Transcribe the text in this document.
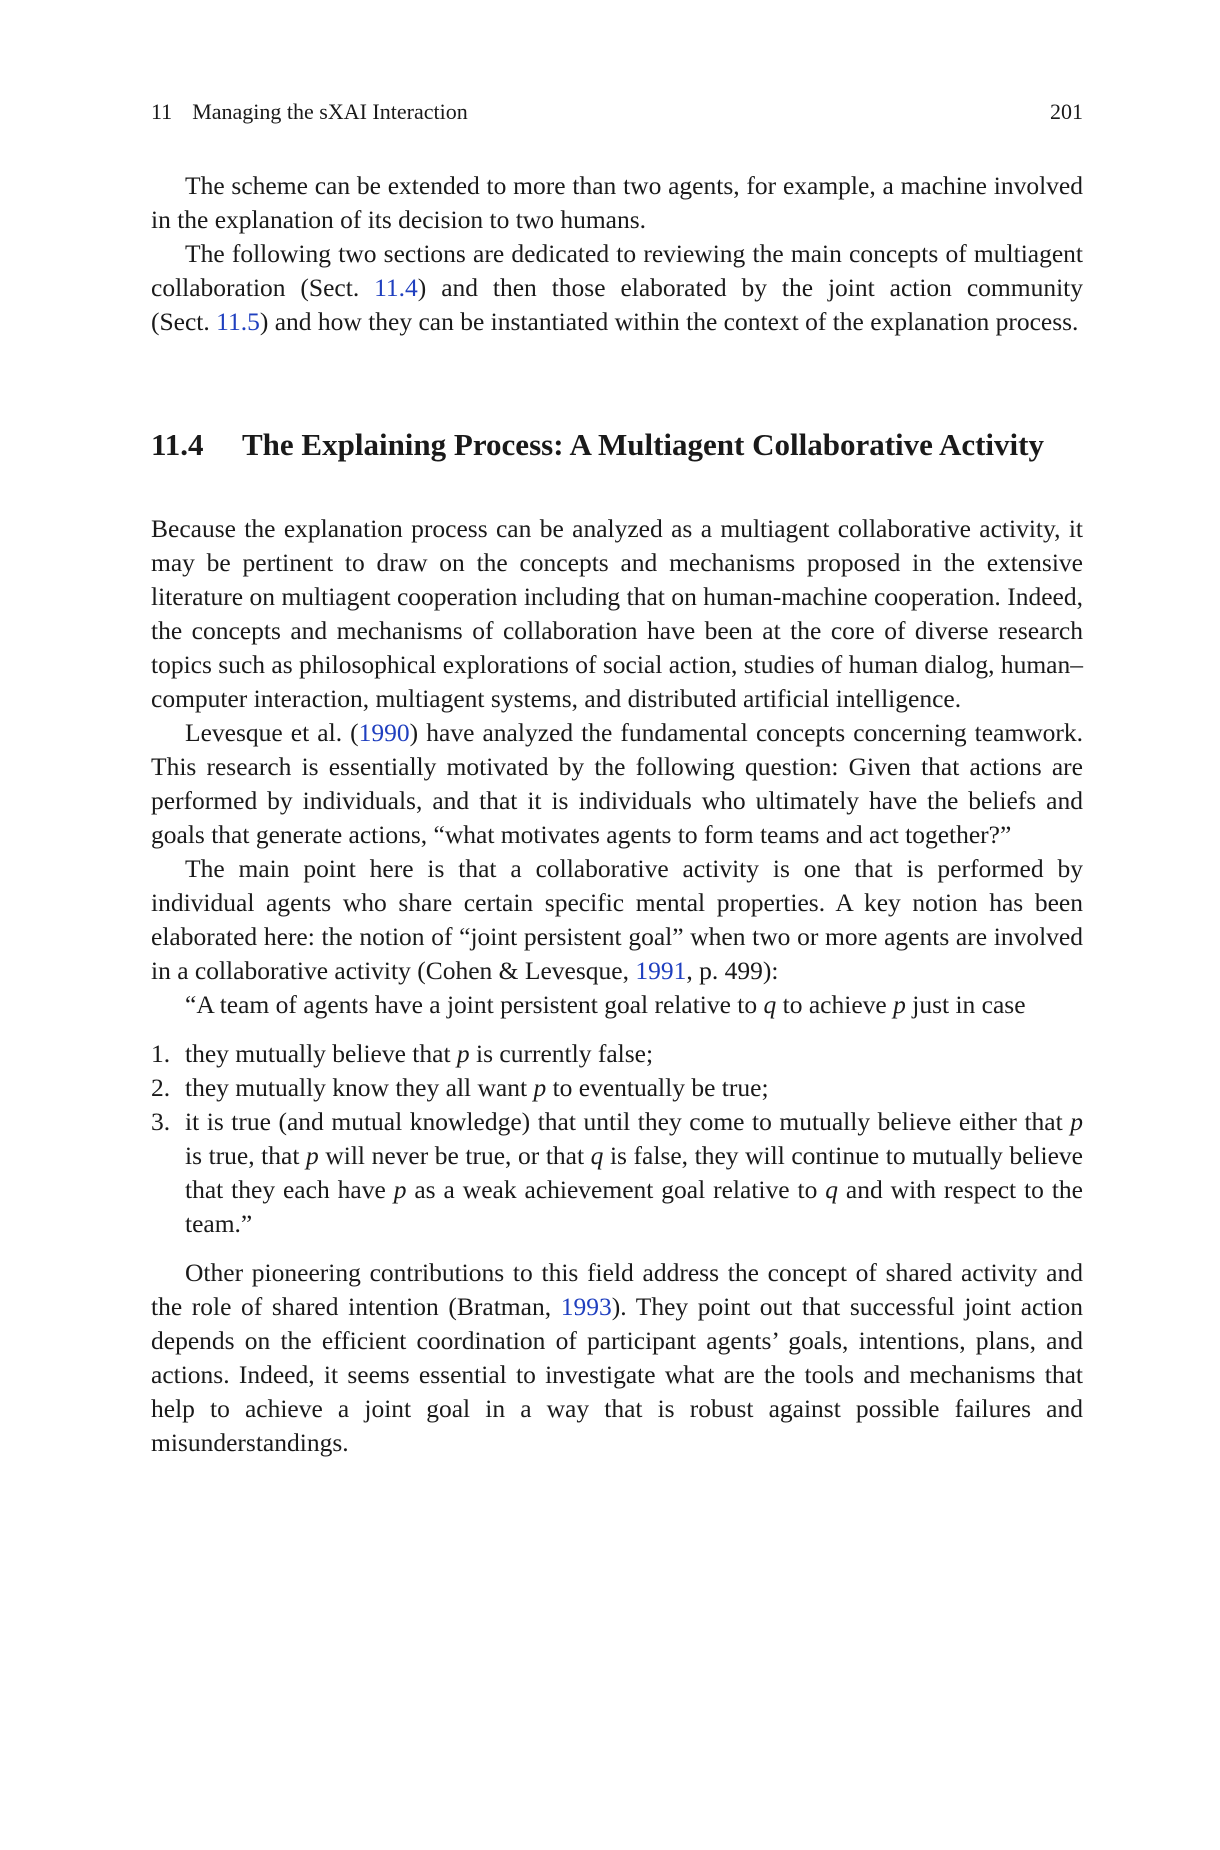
11 Managing the sXAI Interaction	201

The scheme can be extended to more than two agents, for example, a machine involved in the explanation of its decision to two humans.

The following two sections are dedicated to reviewing the main concepts of multiagent collaboration (Sect. 11.4) and then those elaborated by the joint action community (Sect. 11.5) and how they can be instantiated within the context of the explanation process.

11.4 The Explaining Process: A Multiagent Collaborative Activity

Because the explanation process can be analyzed as a multiagent collaborative activity, it may be pertinent to draw on the concepts and mechanisms proposed in the extensive literature on multiagent cooperation including that on human-machine cooperation. Indeed, the concepts and mechanisms of collaboration have been at the core of diverse research topics such as philosophical explorations of social action, studies of human dialog, human–computer interaction, multiagent systems, and distributed artificial intelligence.

Levesque et al. (1990) have analyzed the fundamental concepts concerning teamwork. This research is essentially motivated by the following question: Given that actions are performed by individuals, and that it is individuals who ultimately have the beliefs and goals that generate actions, “what motivates agents to form teams and act together?”

The main point here is that a collaborative activity is one that is performed by individual agents who share certain specific mental properties. A key notion has been elaborated here: the notion of “joint persistent goal” when two or more agents are involved in a collaborative activity (Cohen & Levesque, 1991, p. 499):

“A team of agents have a joint persistent goal relative to q to achieve p just in case

1. they mutually believe that p is currently false;
2. they mutually know they all want p to eventually be true;
3. it is true (and mutual knowledge) that until they come to mutually believe either that p is true, that p will never be true, or that q is false, they will continue to mutually believe that they each have p as a weak achievement goal relative to q and with respect to the team.”

Other pioneering contributions to this field address the concept of shared activity and the role of shared intention (Bratman, 1993). They point out that successful joint action depends on the efficient coordination of participant agents’ goals, intentions, plans, and actions. Indeed, it seems essential to investigate what are the tools and mechanisms that help to achieve a joint goal in a way that is robust against possible failures and misunderstandings.
